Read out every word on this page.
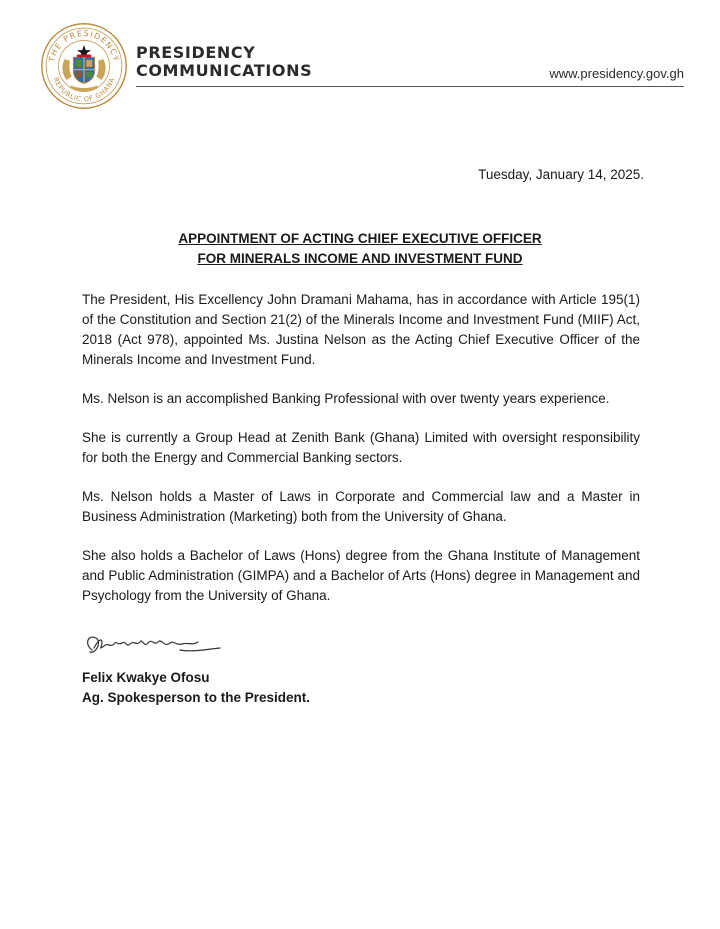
THE PRESIDENCY
REPUBLIC OF GHANA
PRESIDENCY
COMMUNICATIONS	www.presidency.gov.gh
Tuesday, January 14, 2025.
APPOINTMENT OF ACTING CHIEF EXECUTIVE OFFICER
FOR MINERALS INCOME AND INVESTMENT FUND

The President, His Excellency John Dramani Mahama, has in accordance with Article 195(1) of the Constitution and Section 21(2) of the Minerals Income and Investment Fund (MIIF) Act, 2018 (Act 978), appointed Ms. Justina Nelson as the Acting Chief Executive Officer of the Minerals Income and Investment Fund.

Ms. Nelson is an accomplished Banking Professional with over twenty years experience.

She is currently a Group Head at Zenith Bank (Ghana) Limited with oversight responsibility for both the Energy and Commercial Banking sectors.

Ms. Nelson holds a Master of Laws in Corporate and Commercial law and a Master in Business Administration (Marketing) both from the University of Ghana.

She also holds a Bachelor of Laws (Hons) degree from the Ghana Institute of Management and Public Administration (GIMPA) and a Bachelor of Arts (Hons) degree in Management and Psychology from the University of Ghana.

Felix Kwakye Ofosu
Ag. Spokesperson to the President.
